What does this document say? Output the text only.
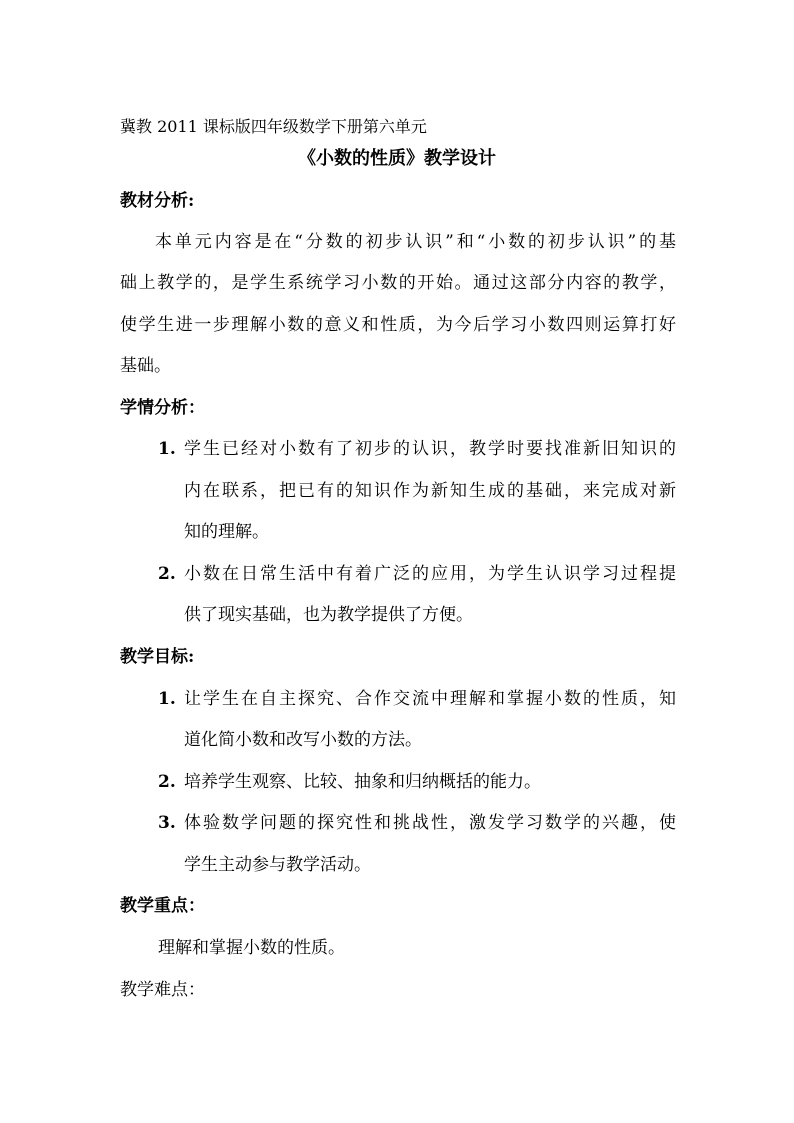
冀教 2011 课标版四年级数学下册第六单元
《小数的性质》教学设计
教材分析:
本单元内容是在“分数的初步认识”和“小数的初步认识”的基
础上教学的，是学生系统学习小数的开始。通过这部分内容的教学，
使学生进一步理解小数的意义和性质，为今后学习小数四则运算打好
基础。
学情分析：
1. 学生已经对小数有了初步的认识，教学时要找准新旧知识的
内在联系，把已有的知识作为新知生成的基础，来完成对新
知的理解。
2. 小数在日常生活中有着广泛的应用，为学生认识学习过程提
供了现实基础，也为教学提供了方便。
教学目标:
1. 让学生在自主探究、合作交流中理解和掌握小数的性质，知
道化简小数和改写小数的方法。
2. 培养学生观察、比较、抽象和归纳概括的能力。
3. 体验数学问题的探究性和挑战性，激发学习数学的兴趣，使
学生主动参与教学活动。
教学重点：
理解和掌握小数的性质。
教学难点：
